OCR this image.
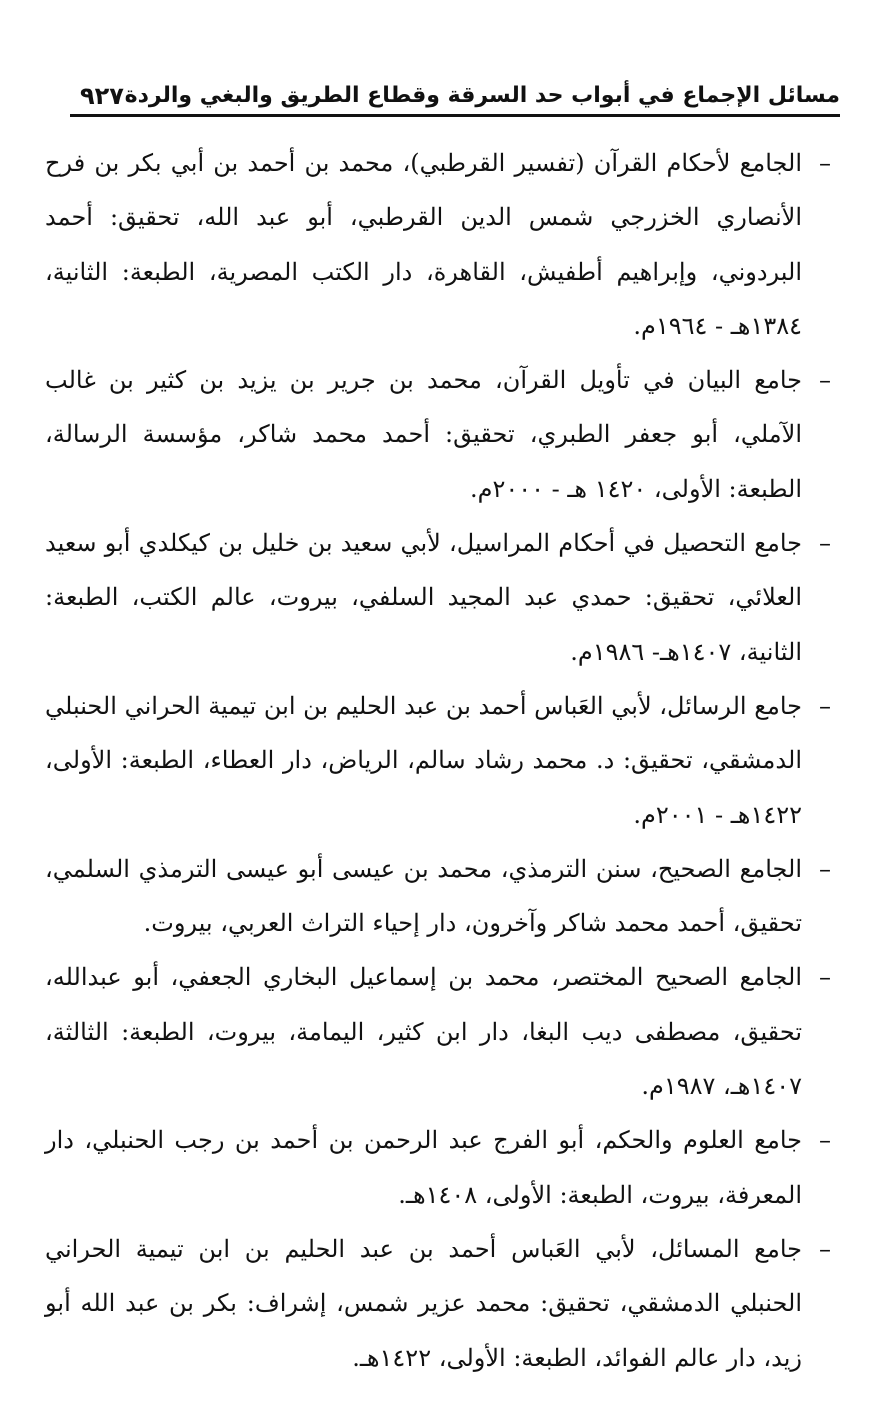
مسائل الإجماع في أبواب حد السرقة وقطاع الطريق والبغي والردة
٩٢٧
– الجامع لأحكام القرآن (تفسير القرطبي)، محمد بن أحمد بن أبي بكر بن فرح الأنصاري الخزرجي شمس الدين القرطبي، أبو عبد الله، تحقيق: أحمد البردوني، وإبراهيم أطفيش، القاهرة، دار الكتب المصرية، الطبعة: الثانية، ١٣٨٤هـ - ١٩٦٤م.
– جامع البيان في تأويل القرآن، محمد بن جرير بن يزيد بن كثير بن غالب الآملي، أبو جعفر الطبري، تحقيق: أحمد محمد شاكر، مؤسسة الرسالة، الطبعة: الأولى، ١٤٢٠ هـ - ٢٠٠٠م.
– جامع التحصيل في أحكام المراسيل، لأبي سعيد بن خليل بن كيكلدي أبو سعيد العلائي، تحقيق: حمدي عبد المجيد السلفي، بيروت، عالم الكتب، الطبعة: الثانية، ١٤٠٧هـ- ١٩٨٦م.
– جامع الرسائل، لأبي العَباس أحمد بن عبد الحليم بن ابن تيمية الحراني الحنبلي الدمشقي، تحقيق: د. محمد رشاد سالم، الرياض، دار العطاء، الطبعة: الأولى، ١٤٢٢هـ - ٢٠٠١م.
– الجامع الصحيح، سنن الترمذي، محمد بن عيسى أبو عيسى الترمذي السلمي، تحقيق، أحمد محمد شاكر وآخرون، دار إحياء التراث العربي، بيروت.
– الجامع الصحيح المختصر، محمد بن إسماعيل البخاري الجعفي، أبو عبدالله، تحقيق، مصطفى ديب البغا، دار ابن كثير، اليمامة، بيروت، الطبعة: الثالثة، ١٤٠٧هـ، ١٩٨٧م.
– جامع العلوم والحكم، أبو الفرج عبد الرحمن بن أحمد بن رجب الحنبلي، دار المعرفة، بيروت، الطبعة: الأولى، ١٤٠٨هـ.
– جامع المسائل، لأبي العَباس أحمد بن عبد الحليم بن ابن تيمية الحراني الحنبلي الدمشقي، تحقيق: محمد عزير شمس، إشراف: بكر بن عبد الله أبو زيد، دار عالم الفوائد، الطبعة: الأولى، ١٤٢٢هـ.
